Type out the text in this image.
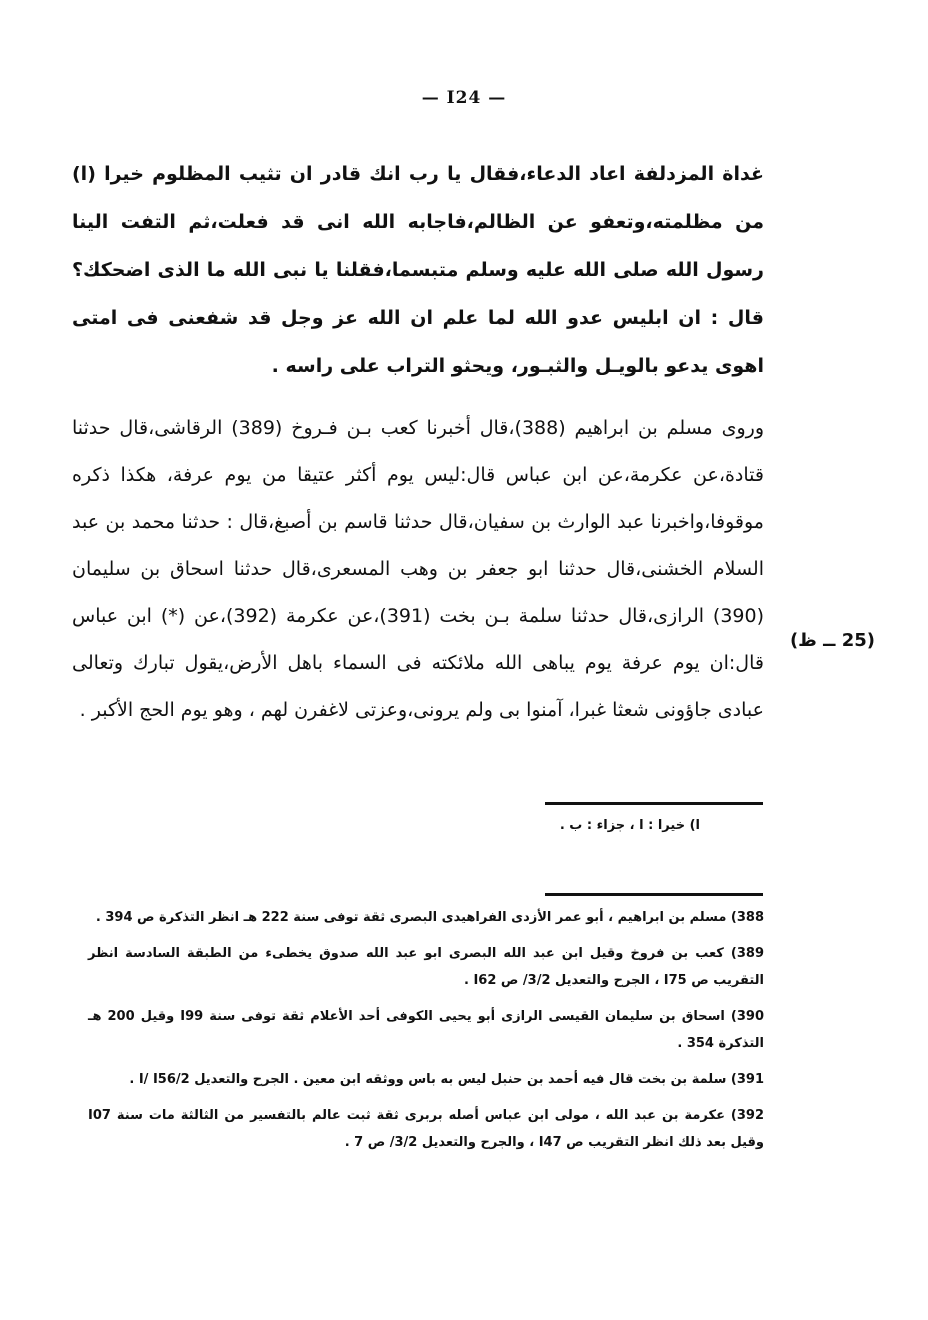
— I24 —
غداة المزدلفة اعاد الدعاء،فقال يا رب انك قادر ان تثيب المظلوم خيرا (ا) من مظلمته،وتعفو عن الظالم،فاجابه الله انى قد فعلت،ثم التفت الينا رسول الله صلى الله عليه وسلم متبسما،فقلنا يا نبى الله ما الذى اضحكك؟قال : ان ابليس عدو الله لما علم ان الله عز وجل قد شفعنى فى امتى اهوى يدعو بالويـل والثبـور، ويحثو التراب على راسه .
وروى مسلم بن ابراهيم (388)،قال أخبرنا كعب بـن فـروخ (389) الرقاشى،قال حدثنا قتادة،عن عكرمة،عن ابن عباس قال:ليس يوم أكثر عتيقا من يوم عرفة، هكذا ذكره موقوفا،واخبرنا عبد الوارث بن سفيان،قال حدثنا قاسم بن أصبغ،قال : حدثنا محمد بن عبد السلام الخشنى،قال حدثنا ابو جعفر بن وهب المسعرى،قال حدثنا اسحاق بن سليمان (390) الرازى،قال حدثنا سلمة بـن بخت (391)،عن عكرمة (392)،عن (*) ابن عباس قال:ان يوم عرفة يوم يباهى الله ملائكته فى السماء باهل الأرض،يقول تبارك وتعالى عبادى جاؤونى شعثا غبرا، آمنوا بى ولم يرونى،وعزتى لاغفرن لهم ، وهو يوم الحج الأكبر .
(25 ــ ظ)
ا) خيرا : ا ، جزاء : ب .
388) مسلم بن ابراهيم ، أبو عمر الأزدى الفراهيدى البصرى ثقة توفى سنة 222 هـ انظر التذكرة ص 394 .
389) كعب بن فروخ وقيل ابن عبد الله البصرى ابو عبد الله صدوق يخطىء من الطبقة السادسة انظر التقريب ص I75 ، الجرح والتعديل 3/2/ ص I62 .
390) اسحاق بن سليمان القيسى الرازى أبو يحيى الكوفى أحد الأعلام ثقة توفى سنة I99 وقيل 200 هـ التذكرة 354 .
391) سلمة بن بخت قال فيه أحمد بن حنبل ليس به باس ووثقه ابن معين . الجرح والتعديل 2/I/ I56 .
392) عكرمة بن عبد الله ، مولى ابن عباس أصله بربرى ثقة ثبت عالم بالتفسير من الثالثة مات سنة I07 وقيل بعد ذلك انظر التقريب ص I47 ، والجرح والتعديل 3/2/ ص 7 .
